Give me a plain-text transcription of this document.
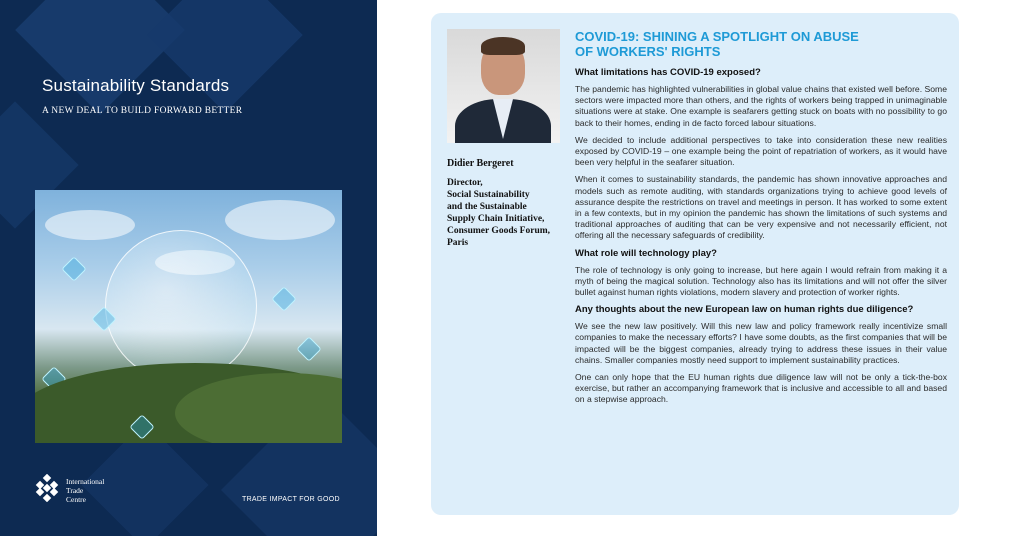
Sustainability Standards
A NEW DEAL TO BUILD FORWARD BETTER
International
Trade
Centre	TRADE IMPACT FOR GOOD
Didier Bergeret
Director,
Social Sustainability
and the Sustainable
Supply Chain Initiative,
Consumer Goods Forum,
Paris
COVID-19: SHINING A SPOTLIGHT ON ABUSE
OF WORKERS' RIGHTS
What limitations has COVID-19 exposed?

The pandemic has highlighted vulnerabilities in global value chains that existed well before. Some sectors were impacted more than others, and the rights of workers being trapped in unimaginable situations were at stake. One example is seafarers getting stuck on boats with no possibility to go back to their homes, ending in de facto forced labour situations.

We decided to include additional perspectives to take into consideration these new realities exposed by COVID-19 – one example being the point of repatriation of workers, as it would have been very helpful in the seafarer situation.

When it comes to sustainability standards, the pandemic has shown innovative approaches and models such as remote auditing, with standards organizations trying to achieve good levels of assurance despite the restrictions on travel and meetings in person. It has worked to some extent in a few contexts, but in my opinion the pandemic has shown the limitations of such systems and traditional approaches of auditing that can be very expensive and not necessarily efficient, not offering all the necessary safeguards of credibility.

What role will technology play?

The role of technology is only going to increase, but here again I would refrain from making it a myth of being the magical solution. Technology also has its limitations and will not offer the silver bullet against human rights violations, modern slavery and protection of worker rights.

Any thoughts about the new European law on human rights due diligence?

We see the new law positively. Will this new law and policy framework really incentivize small companies to make the necessary efforts? I have some doubts, as the first companies that will be impacted will be the biggest companies, already trying to address these issues in their value chains. Smaller companies mostly need support to implement sustainability practices.

One can only hope that the EU human rights due diligence law will not be only a tick-the-box exercise, but rather an accompanying framework that is inclusive and accessible to all and based on a stepwise approach.
